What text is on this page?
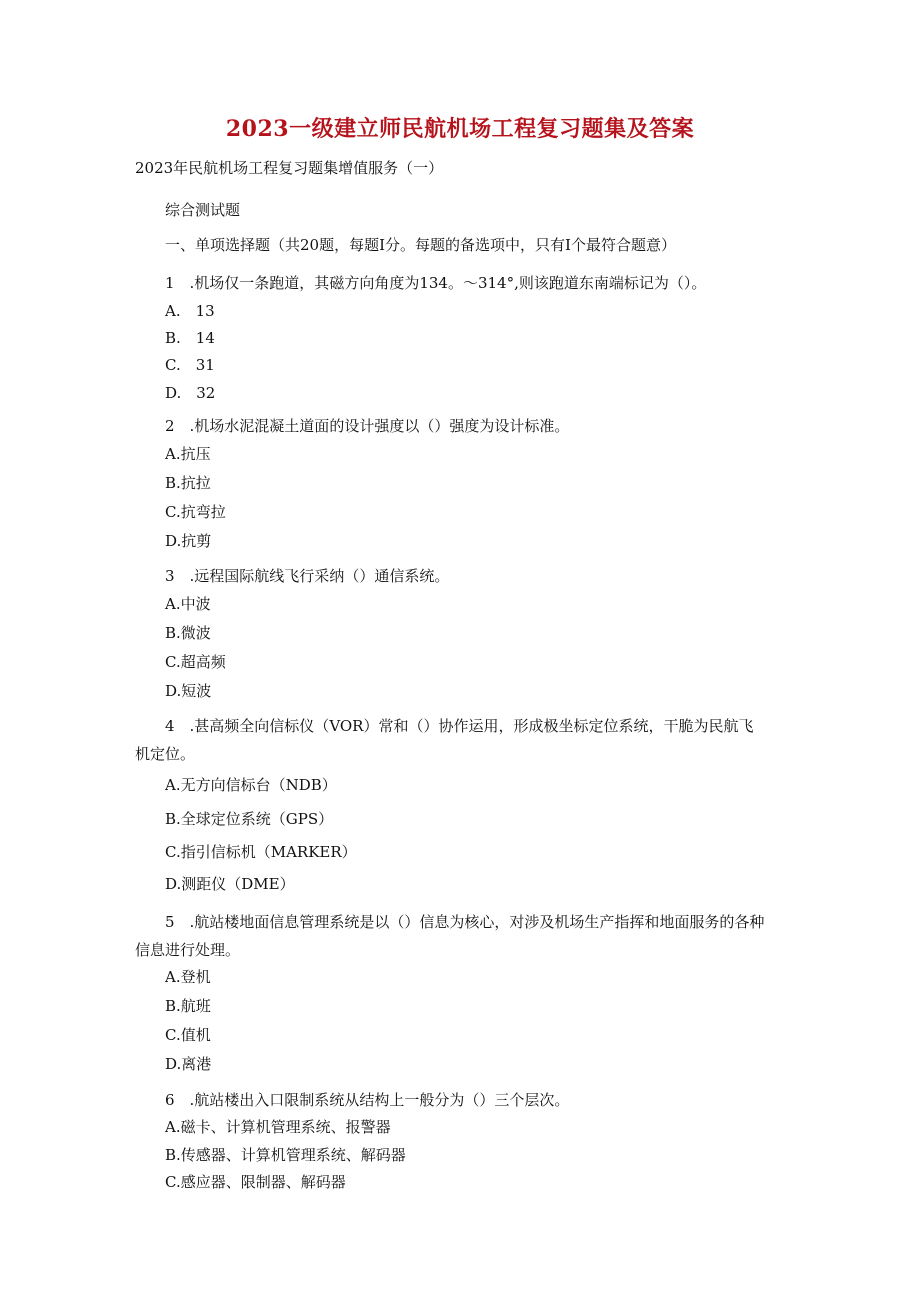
2023一级建立师民航机场工程复习题集及答案
2023年民航机场工程复习题集增值服务（一）
综合测试题
一、单项选择题（共20题，每题I分。每题的备选项中，只有I个最符合题意）
1　.机场仅一条跑道，其磁方向角度为134。～314°,则该跑道东南端标记为（）。
A.　13
B.　14
C.　31
D.　32
2　.机场水泥混凝土道面的设计强度以（）强度为设计标准。
A.抗压
B.抗拉
C.抗弯拉
D.抗剪
3　.远程国际航线飞行采纳（）通信系统。
A.中波
B.微波
C.超高频
D.短波
4　.甚高频全向信标仪（VOR）常和（）协作运用，形成极坐标定位系统，干脆为民航飞
机定位。
A.无方向信标台（NDB）
B.全球定位系统（GPS）
C.指引信标机（MARKER）
D.测距仪（DME）
5　.航站楼地面信息管理系统是以（）信息为核心，对涉及机场生产指挥和地面服务的各种
信息进行处理。
A.登机
B.航班
C.值机
D.离港
6　.航站楼出入口限制系统从结构上一般分为（）三个层次。
A.磁卡、计算机管理系统、报警器
B.传感器、计算机管理系统、解码器
C.感应器、限制器、解码器
